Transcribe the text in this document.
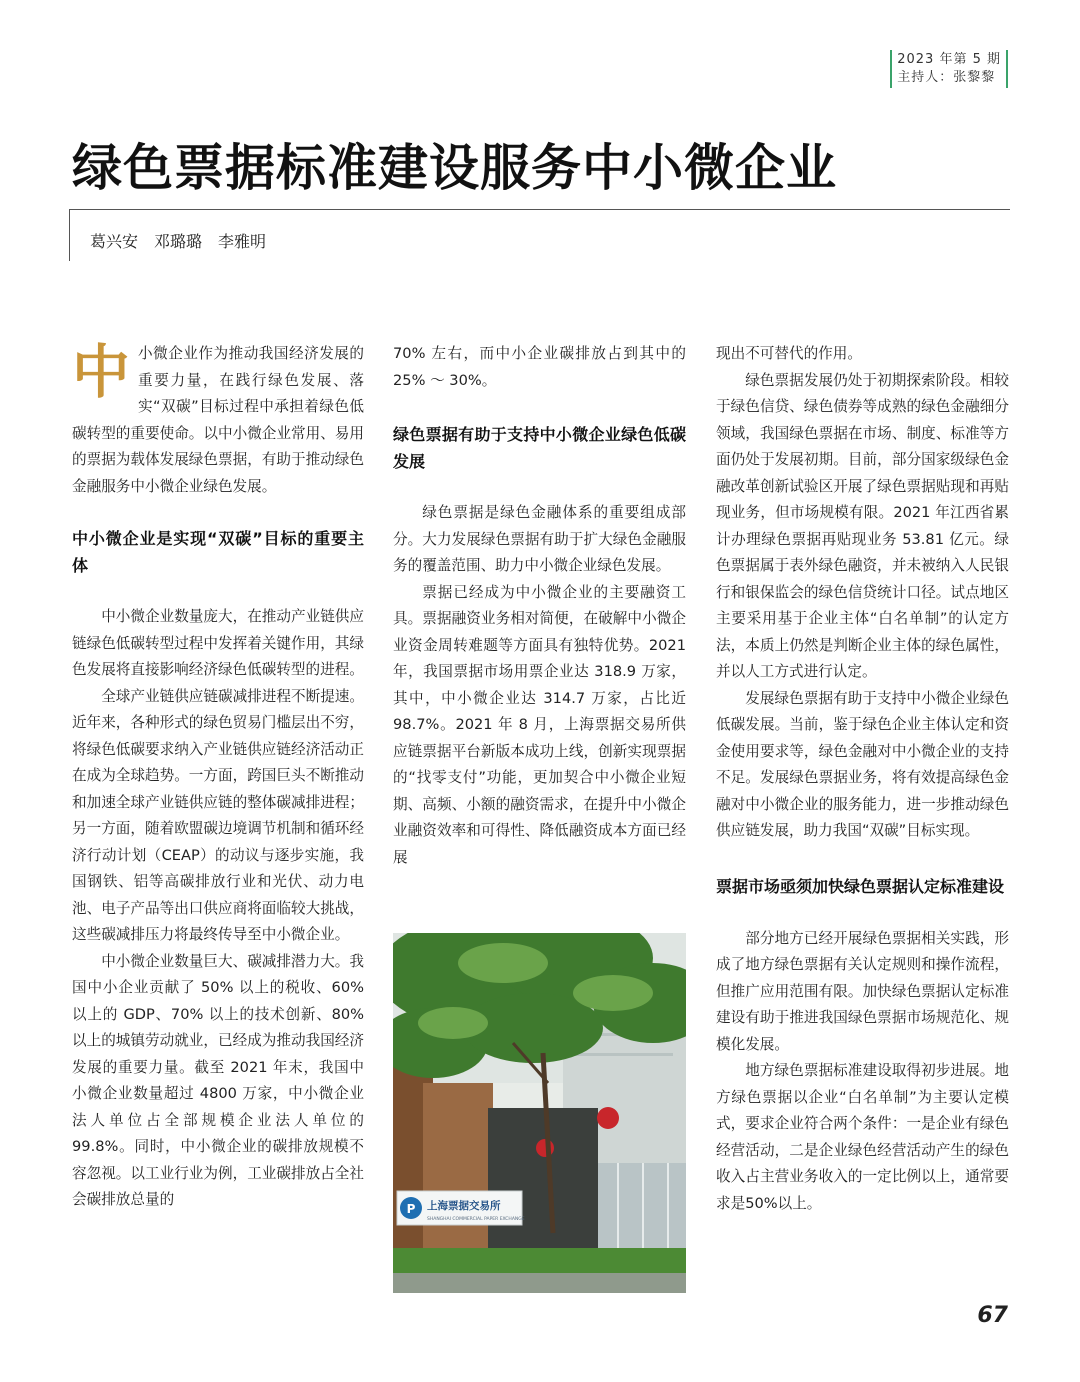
2023 年第 5 期
主持人：张黎黎
绿色票据标准建设服务中小微企业
葛兴安　邓璐璐　李雅明

中小微企业作为推动我国经济发展的重要力量，在践行绿色发展、落实“双碳”目标过程中承担着绿色低碳转型的重要使命。以中小微企业常用、易用的票据为载体发展绿色票据，有助于推动绿色金融服务中小微企业绿色发展。

中小微企业是实现“双碳”目标的重要主体

中小微企业数量庞大，在推动产业链供应链绿色低碳转型过程中发挥着关键作用，其绿色发展将直接影响经济绿色低碳转型的进程。

全球产业链供应链碳减排进程不断提速。近年来，各种形式的绿色贸易门槛层出不穷，将绿色低碳要求纳入产业链供应链经济活动正在成为全球趋势。一方面，跨国巨头不断推动和加速全球产业链供应链的整体碳减排进程；另一方面，随着欧盟碳边境调节机制和循环经济行动计划（CEAP）的动议与逐步实施，我国钢铁、铝等高碳排放行业和光伏、动力电池、电子产品等出口供应商将面临较大挑战，这些碳减排压力将最终传导至中小微企业。

中小微企业数量巨大、碳减排潜力大。我国中小企业贡献了 50% 以上的税收、60% 以上的 GDP、70% 以上的技术创新、80% 以上的城镇劳动就业，已经成为推动我国经济发展的重要力量。截至 2021 年末，我国中小微企业数量超过 4800 万家，中小微企业法人单位占全部规模企业法人单位的 99.8%。同时，中小微企业的碳排放规模不容忽视。以工业行业为例，工业碳排放占全社会碳排放总量的

70% 左右，而中小企业碳排放占到其中的 25% ～ 30%。

绿色票据有助于支持中小微企业绿色低碳发展

绿色票据是绿色金融体系的重要组成部分。大力发展绿色票据有助于扩大绿色金融服务的覆盖范围、助力中小微企业绿色发展。

票据已经成为中小微企业的主要融资工具。票据融资业务相对简便，在破解中小微企业资金周转难题等方面具有独特优势。2021 年，我国票据市场用票企业达 318.9 万家，其中，中小微企业达 314.7 万家，占比近 98.7%。2021 年 8 月，上海票据交易所供应链票据平台新版本成功上线，创新实现票据的“找零支付”功能，更加契合中小微企业短期、高频、小额的融资需求，在提升中小微企业融资效率和可得性、降低融资成本方面已经展

P 上海票据交易所
SHANGHAI COMMERCIAL PAPER EXCHANGE

现出不可替代的作用。

绿色票据发展仍处于初期探索阶段。相较于绿色信贷、绿色债券等成熟的绿色金融细分领域，我国绿色票据在市场、制度、标准等方面仍处于发展初期。目前，部分国家级绿色金融改革创新试验区开展了绿色票据贴现和再贴现业务，但市场规模有限。2021 年江西省累计办理绿色票据再贴现业务 53.81 亿元。绿色票据属于表外绿色融资，并未被纳入人民银行和银保监会的绿色信贷统计口径。试点地区主要采用基于企业主体“白名单制”的认定方法，本质上仍然是判断企业主体的绿色属性，并以人工方式进行认定。

发展绿色票据有助于支持中小微企业绿色低碳发展。当前，鉴于绿色企业主体认定和资金使用要求等，绿色金融对中小微企业的支持不足。发展绿色票据业务，将有效提高绿色金融对中小微企业的服务能力，进一步推动绿色供应链发展，助力我国“双碳”目标实现。

票据市场亟须加快绿色票据认定标准建设

部分地方已经开展绿色票据相关实践，形成了地方绿色票据有关认定规则和操作流程，但推广应用范围有限。加快绿色票据认定标准建设有助于推进我国绿色票据市场规范化、规模化发展。

地方绿色票据标准建设取得初步进展。地方绿色票据以企业“白名单制”为主要认定模式，要求企业符合两个条件：一是企业有绿色经营活动，二是企业绿色经营活动产生的绿色收入占主营业务收入的一定比例以上，通常要求是50%以上。

67
